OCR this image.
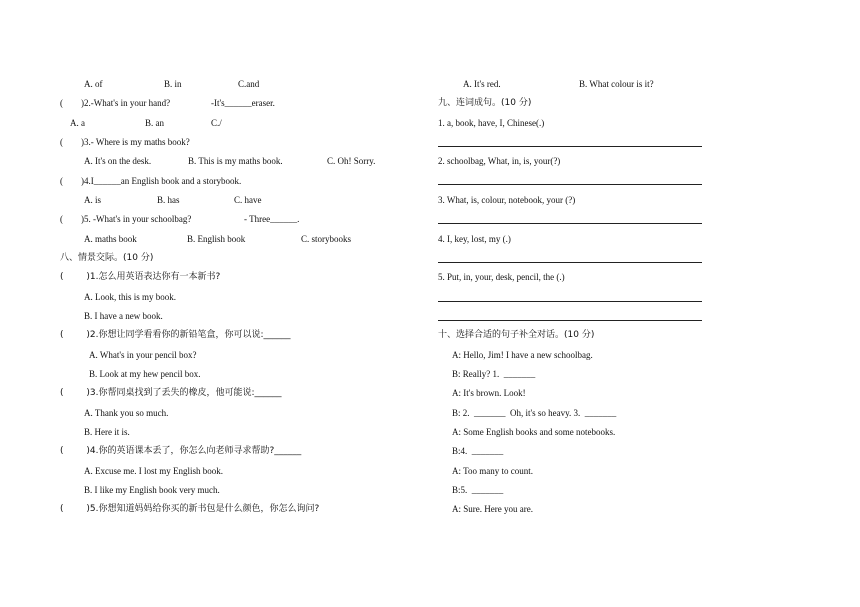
A. of	B. in	C.and
(        )2.-What's in your hand?	-It's______eraser.
A. a	B. an	C./
(        )3.- Where is my maths book?
A. It's on the desk.	B. This is my maths book.	C. Oh! Sorry.
(        )4.I______an English book and a storybook.
A. is	B. has	C. have
(        )5. -What's in your schoolbag?	- Three______.
A. maths book	B. English book	C. storybooks
八、情景交际。(10 分)
(        )1.怎么用英语表达你有一本新书?
A. Look, this is my book.
B. I have a new book.
(        )2.你想让同学看看你的新铅笔盒，你可以说:______
A. What's in your pencil box?
B. Look at my hew pencil box.
(        )3.你帮同桌找到了丢失的橡皮，他可能说:______
A. Thank you so much.
B. Here it is.
(        )4.你的英语课本丢了，你怎么向老师寻求帮助?______
A. Excuse me. I lost my English book.
B. I like my English book very much.
(        )5.你想知道妈妈给你买的新书包是什么颜色，你怎么询问?
A. It's red.	B. What colour is it?
九、连词成句。(10 分)
1. a, book, have, I, Chinese(.)
2. schoolbag, What, in, is, your(?)
3. What, is, colour, notebook, your (?)
4. I, key, lost, my (.)
5. Put, in, your, desk, pencil, the (.)
十、选择合适的句子补全对话。(10 分)
A: Hello, Jim! I have a new schoolbag.
B: Really? 1.  _______
A: It's brown. Look!
B: 2.  _______  Oh, it's so heavy. 3.  _______
A: Some English books and some notebooks.
B:4.  _______
A: Too many to count.
B:5.  _______
A: Sure. Here you are.
